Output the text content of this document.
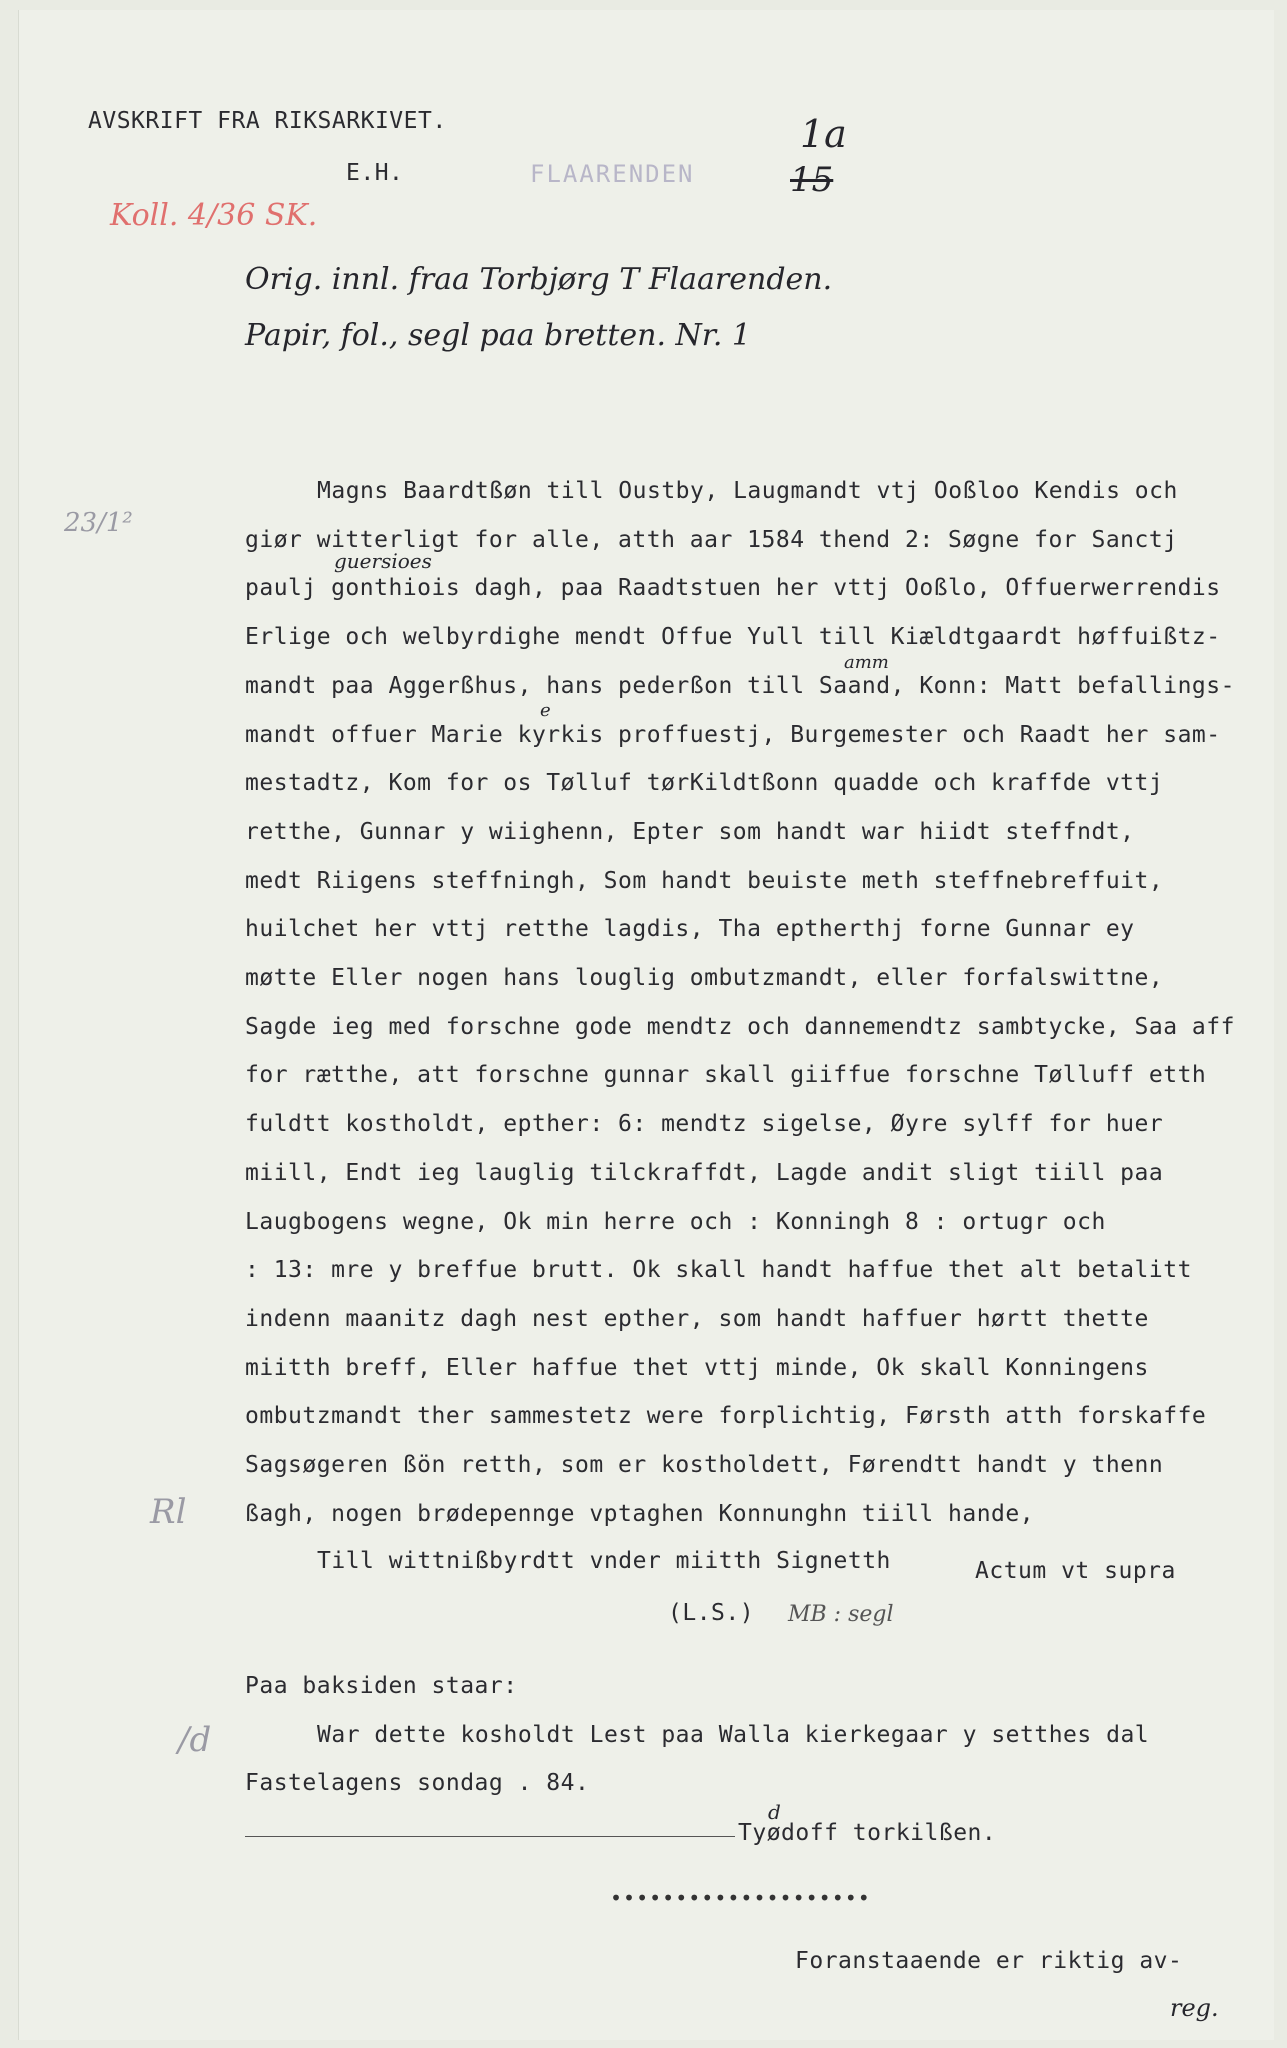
AVSKRIFT FRA RIKSARKIVET.
E.H.	FLAARENDEN
1a
15
Koll. 4/36 SK.
Orig. innl. fraa Torbjørg T Flaarenden.
Papir, fol., segl paa bretten. Nr. 1
23/1²
Rl
/d
guersioes
amm
e
Magns Baardtßøn till Oustby, Laugmandt vtj Ooßloo Kendis och
giør witterligt for alle, atth aar 1584 thend 2: Søgne for Sanctj
paulj gonthiois dagh, paa Raadtstuen her vttj Ooßlo, Offuerwerrendis
Erlige och welbyrdighe mendt Offue Yull till Kiældtgaardt høffuißtz-
mandt paa Aggerßhus, hans pederßon till Saand, Konn: Matt befallings-
mandt offuer Marie kyrkis proffuestj, Burgemester och Raadt her sam-
mestadtz, Kom for os Tølluf tørKildtßonn quadde och kraffde vttj
retthe, Gunnar y wiighenn, Epter som handt war hiidt steffndt,
medt Riigens steffningh, Som handt beuiste meth steffnebreffuit,
huilchet her vttj retthe lagdis, Tha eptherthj forne Gunnar ey
møtte Eller nogen hans louglig ombutzmandt, eller forfalswittne,
Sagde ieg med forschne gode mendtz och dannemendtz sambtycke, Saa aff
for rætthe, att forschne gunnar skall giiffue forschne Tølluff etth
fuldtt kostholdt, epther: 6: mendtz sigelse, Øyre sylff for huer
miill, Endt ieg lauglig tilckraffdt, Lagde andit sligt tiill paa
Laugbogens wegne, Ok min herre och : Konningh 8 : ortugr och
: 13: mre y breffue brutt. Ok skall handt haffue thet alt betalitt
indenn maanitz dagh nest epther, som handt haffuer hørtt thette
miitth breff, Eller haffue thet vttj minde, Ok skall Konningens
ombutzmandt ther sammestetz were forplichtig, Førsth atth forskaffe
Sagsøgeren ßön retth, som er kostholdett, Førendtt handt y thenn
ßagh, nogen brødepennge vptaghen Konnunghn tiill hande,
Till wittnißbyrdtt vnder miitth Signetth	Actum vt supra
(L.S.) MB : segl
Paa baksiden staar:
War dette kosholdt Lest paa Walla kierkegaar y setthes dal
Fastelagens sondag . 84.
d
Tyødoff torkilßen.
••••••••••••••••••••
Foranstaaende er riktig av-
reg.
